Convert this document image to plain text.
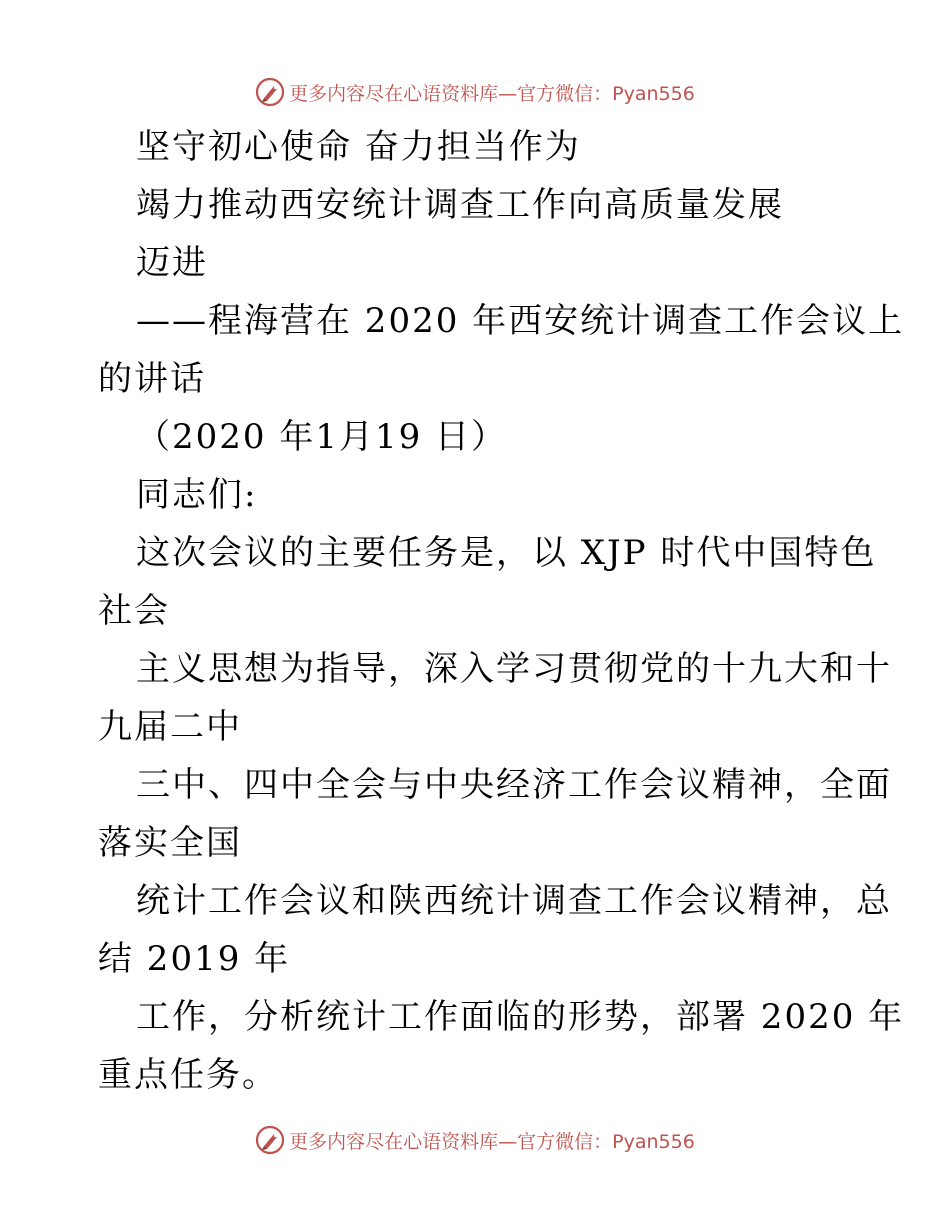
更多内容尽在心语资料库—官方微信：Pyan556
坚守初心使命 奋力担当作为
竭力推动西安统计调查工作向高质量发展
迈进
——程海营在 2020 年西安统计调查工作会议上
的讲话
（2020 年1月19 日）
同志们:
这次会议的主要任务是，以 XJP 时代中国特色
社会
主义思想为指导，深入学习贯彻党的十九大和十
九届二中
三中、四中全会与中央经济工作会议精神，全面
落实全国
统计工作会议和陕西统计调查工作会议精神，总
结 2019 年
工作，分析统计工作面临的形势，部署 2020 年
重点任务。
更多内容尽在心语资料库—官方微信：Pyan556
